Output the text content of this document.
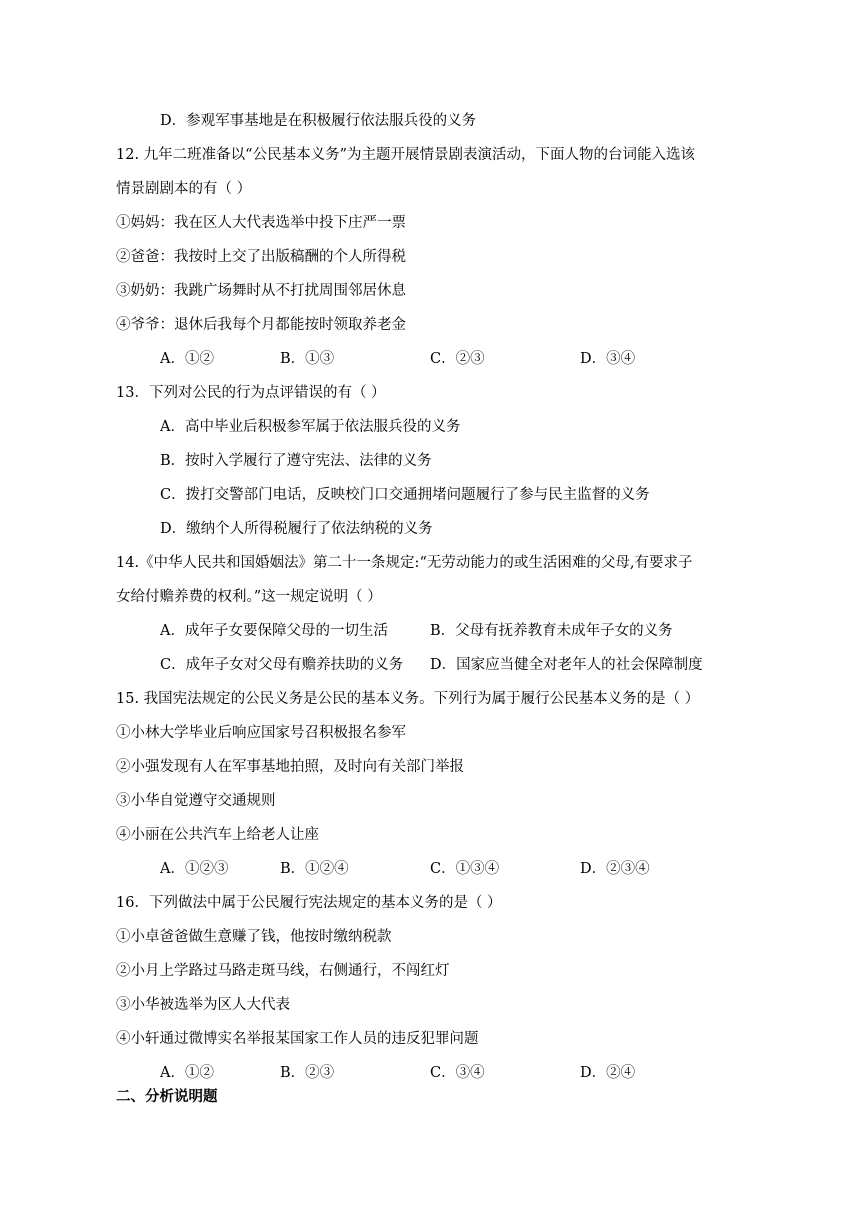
D．参观军事基地是在积极履行依法服兵役的义务
12. 九年二班准备以“公民基本义务”为主题开展情景剧表演活动，下面人物的台词能入选该
情景剧剧本的有（ ）
①妈妈：我在区人大代表选举中投下庄严一票
②爸爸：我按时上交了出版稿酬的个人所得税
③奶奶：我跳广场舞时从不打扰周围邻居休息
④爷爷：退休后我每个月都能按时领取养老金
A．①②	B．①③	C．②③	D．③④
13．下列对公民的行为点评错误的有（ ）
A．高中毕业后积极参军属于依法服兵役的义务
B．按时入学履行了遵守宪法、法律的义务
C．拨打交警部门电话，反映校门口交通拥堵问题履行了参与民主监督的义务
D．缴纳个人所得税履行了依法纳税的义务
14.《中华人民共和国婚姻法》第二十一条规定:“无劳动能力的或生活困难的父母,有要求子
女给付赡养费的权利。”这一规定说明（ ）
A．成年子女要保障父母的一切生活	B．父母有抚养教育未成年子女的义务
C．成年子女对父母有赡养扶助的义务 D．国家应当健全对老年人的社会保障制度
15. 我国宪法规定的公民义务是公民的基本义务。下列行为属于履行公民基本义务的是（ ）
①小林大学毕业后响应国家号召积极报名参军
②小强发现有人在军事基地拍照，及时向有关部门举报
③小华自觉遵守交通规则
④小丽在公共汽车上给老人让座
A．①②③	B．①②④	C．①③④	D．②③④
16．下列做法中属于公民履行宪法规定的基本义务的是（ ）
①小卓爸爸做生意赚了钱，他按时缴纳税款
②小月上学路过马路走斑马线，右侧通行，不闯红灯
③小华被选举为区人大代表
④小轩通过微博实名举报某国家工作人员的违反犯罪问题
A．①②	B．②③	C．③④	D．②④
二、分析说明题
